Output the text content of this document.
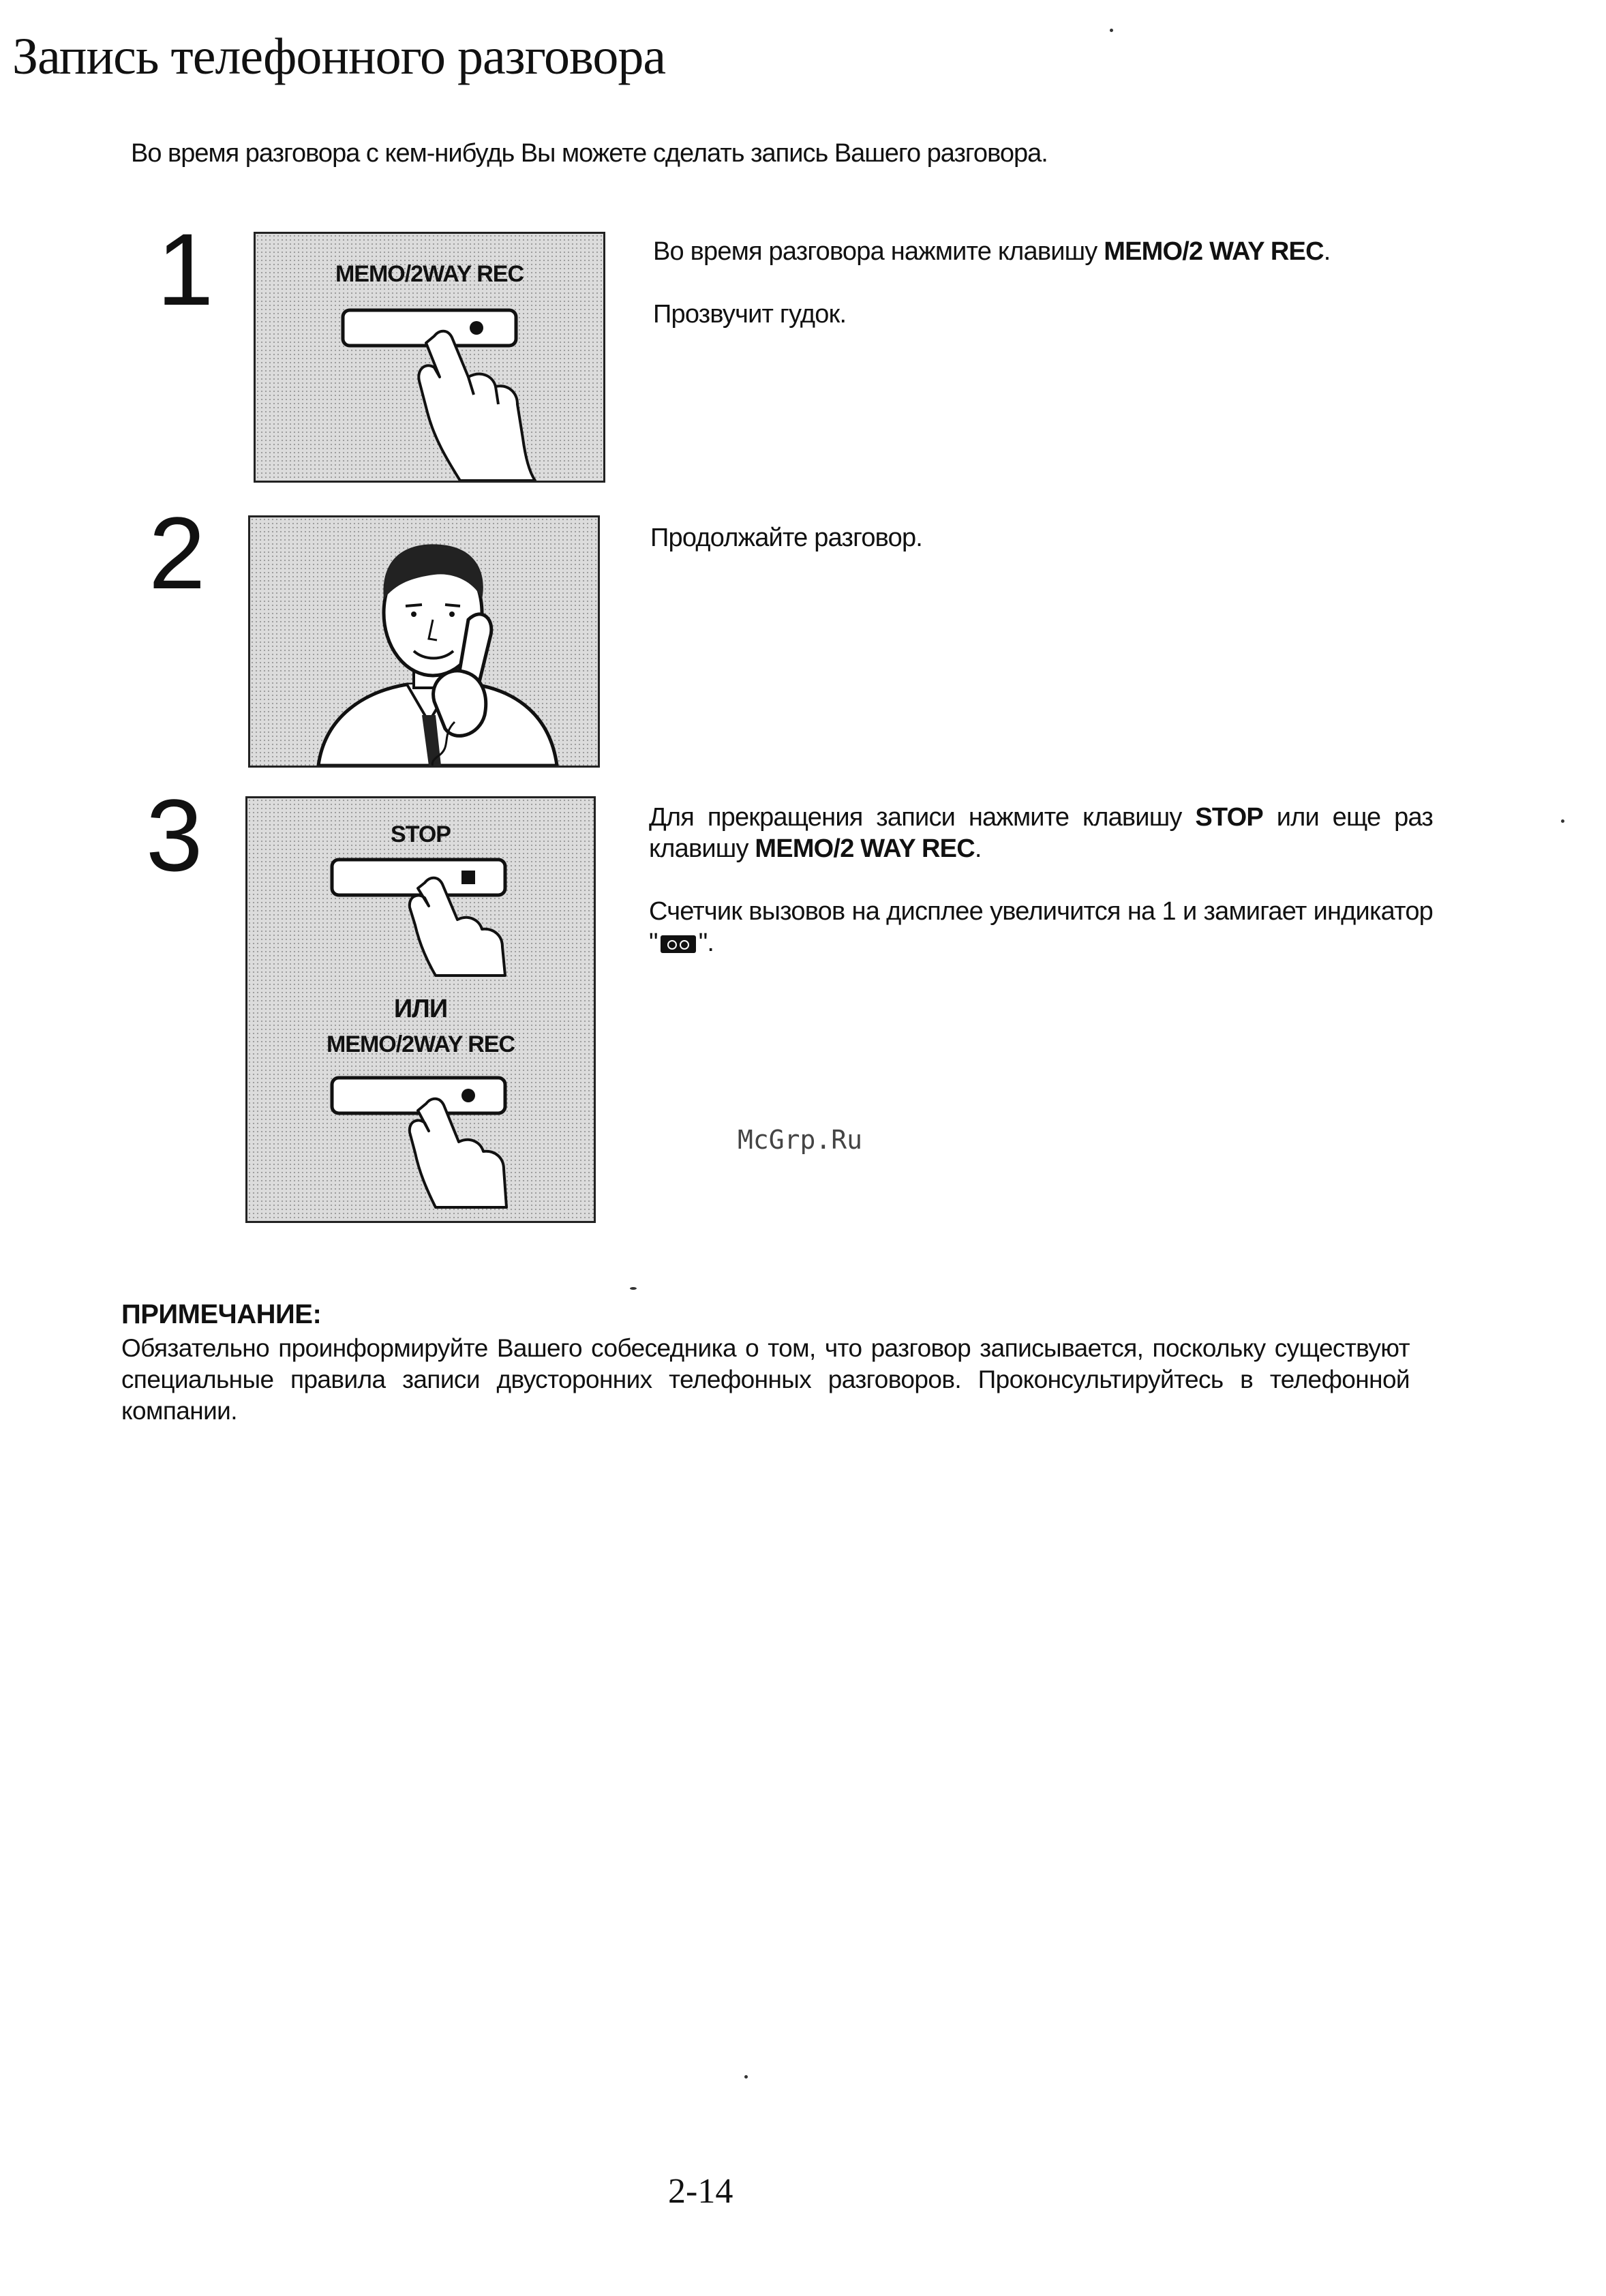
Запись телефонного разговора
Во время разговора с кем-нибудь Вы можете сделать запись Вашего разговора.
1	MEMO/2WAY REC
Во время разговора нажмите клавишу MEMO/2 WAY REC.
Прозвучит гудок.
2	Продолжайте разговор.
3	STOP
ИЛИ
MEMO/2WAY REC
Для прекращения записи нажмите клавишу STOP или еще раз клавишу MEMO/2 WAY REC.
Счетчик вызовов на дисплее увеличится на 1 и замигает индикатор " ".
McGrp.Ru
ПРИМЕЧАНИЕ:
Обязательно проинформируйте Вашего собеседника о том, что разговор записывается, поскольку существуют специальные правила записи двусторонних телефонных разговоров. Проконсультируйтесь в телефонной компании.
2-14
